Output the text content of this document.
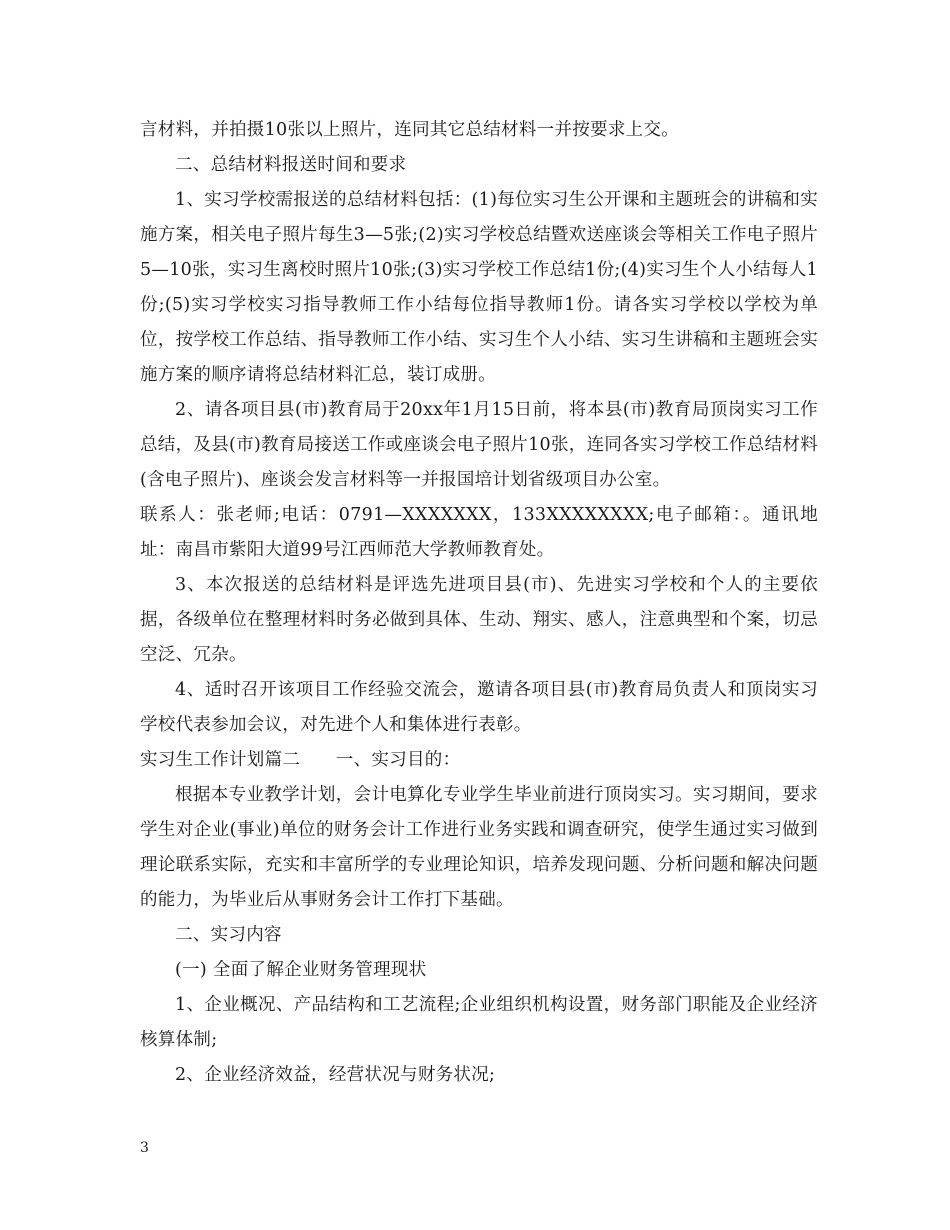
言材料，并拍摄10张以上照片，连同其它总结材料一并按要求上交。

二、总结材料报送时间和要求

1、实习学校需报送的总结材料包括：(1)每位实习生公开课和主题班会的讲稿和实施方案，相关电子照片每生3—5张;(2)实习学校总结暨欢送座谈会等相关工作电子照片5—10张，实习生离校时照片10张;(3)实习学校工作总结1份;(4)实习生个人小结每人1份;(5)实习学校实习指导教师工作小结每位指导教师1份。请各实习学校以学校为单位，按学校工作总结、指导教师工作小结、实习生个人小结、实习生讲稿和主题班会实施方案的顺序请将总结材料汇总，装订成册。

2、请各项目县(市)教育局于20xx年1月15日前，将本县(市)教育局顶岗实习工作总结，及县(市)教育局接送工作或座谈会电子照片10张，连同各实习学校工作总结材料(含电子照片)、座谈会发言材料等一并报国培计划省级项目办公室。

联系人：张老师;电话：0791—XXXXXXX，133XXXXXXXX;电子邮箱：。通讯地址：南昌市紫阳大道99号江西师范大学教师教育处。

3、本次报送的总结材料是评选先进项目县(市)、先进实习学校和个人的主要依据，各级单位在整理材料时务必做到具体、生动、翔实、感人，注意典型和个案，切忌空泛、冗杂。

4、适时召开该项目工作经验交流会，邀请各项目县(市)教育局负责人和顶岗实习学校代表参加会议，对先进个人和集体进行表彰。

实习生工作计划篇二　　一、实习目的：

根据本专业教学计划，会计电算化专业学生毕业前进行顶岗实习。实习期间，要求学生对企业(事业)单位的财务会计工作进行业务实践和调查研究，使学生通过实习做到理论联系实际，充实和丰富所学的专业理论知识，培养发现问题、分析问题和解决问题的能力，为毕业后从事财务会计工作打下基础。

二、实习内容

(一) 全面了解企业财务管理现状

1、企业概况、产品结构和工艺流程;企业组织机构设置，财务部门职能及企业经济核算体制;

2、企业经济效益，经营状况与财务状况;

3
